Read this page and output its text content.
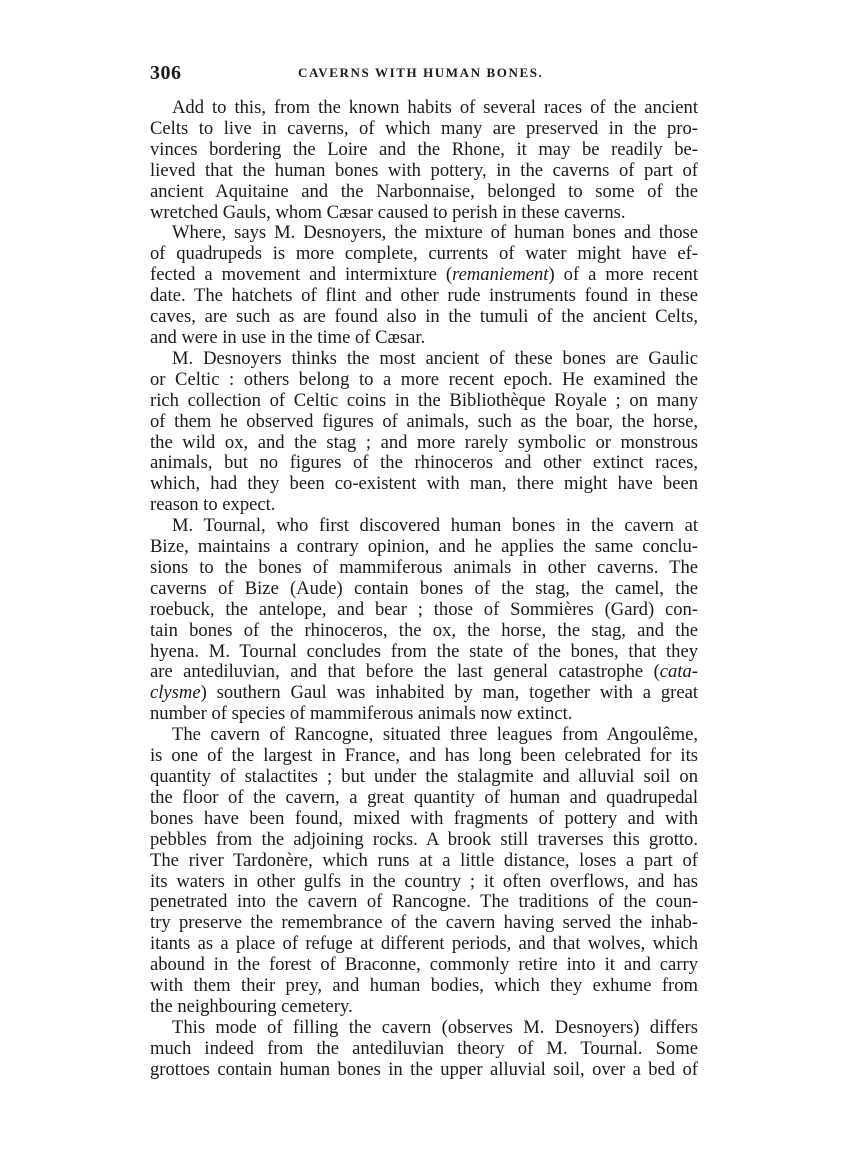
306	CAVERNS WITH HUMAN BONES.
Add to this, from the known habits of several races of the ancient
Celts to live in caverns, of which many are preserved in the pro-
vinces bordering the Loire and the Rhone, it may be readily be-
lieved that the human bones with pottery, in the caverns of part of
ancient Aquitaine and the Narbonnaise, belonged to some of the
wretched Gauls, whom Cæsar caused to perish in these caverns.
Where, says M. Desnoyers, the mixture of human bones and those
of quadrupeds is more complete, currents of water might have ef-
fected a movement and intermixture (remaniement) of a more recent
date. The hatchets of flint and other rude instruments found in these
caves, are such as are found also in the tumuli of the ancient Celts,
and were in use in the time of Cæsar.
M. Desnoyers thinks the most ancient of these bones are Gaulic
or Celtic : others belong to a more recent epoch. He examined the
rich collection of Celtic coins in the Bibliothèque Royale ; on many
of them he observed figures of animals, such as the boar, the horse,
the wild ox, and the stag ; and more rarely symbolic or monstrous
animals, but no figures of the rhinoceros and other extinct races,
which, had they been co-existent with man, there might have been
reason to expect.
M. Tournal, who first discovered human bones in the cavern at
Bize, maintains a contrary opinion, and he applies the same conclu-
sions to the bones of mammiferous animals in other caverns. The
caverns of Bize (Aude) contain bones of the stag, the camel, the
roebuck, the antelope, and bear ; those of Sommières (Gard) con-
tain bones of the rhinoceros, the ox, the horse, the stag, and the
hyena. M. Tournal concludes from the state of the bones, that they
are antediluvian, and that before the last general catastrophe (cata-
clysme) southern Gaul was inhabited by man, together with a great
number of species of mammiferous animals now extinct.
The cavern of Rancogne, situated three leagues from Angoulême,
is one of the largest in France, and has long been celebrated for its
quantity of stalactites ; but under the stalagmite and alluvial soil on
the floor of the cavern, a great quantity of human and quadrupedal
bones have been found, mixed with fragments of pottery and with
pebbles from the adjoining rocks. A brook still traverses this grotto.
The river Tardonère, which runs at a little distance, loses a part of
its waters in other gulfs in the country ; it often overflows, and has
penetrated into the cavern of Rancogne. The traditions of the coun-
try preserve the remembrance of the cavern having served the inhab-
itants as a place of refuge at different periods, and that wolves, which
abound in the forest of Braconne, commonly retire into it and carry
with them their prey, and human bodies, which they exhume from
the neighbouring cemetery.
This mode of filling the cavern (observes M. Desnoyers) differs
much indeed from the antediluvian theory of M. Tournal. Some
grottoes contain human bones in the upper alluvial soil, over a bed of
